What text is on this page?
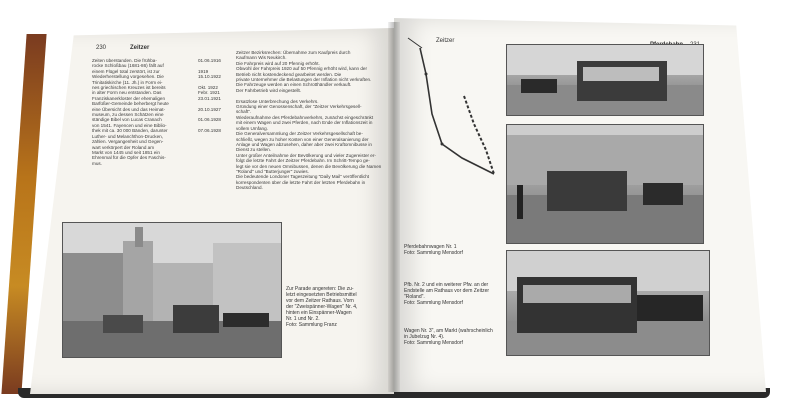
230	Zeitzer
Zeiten überstanden. Die frühba-
rocke Schloßbau (1681-86) fällt auf
einem Flügel total zerstört, ist zur
Wiederherstellung vorgesehen. Die
Trinitatiskirche (11. Jh.) in Form ei-
nes griechischen Kreuzes ist bereits
in alter Form neu entstanden. Das
Franziskanerkloster der ehemaligen
Barfüßer-Gemeinde beherbergt heute
eine Übersicht des und das Heimat-
museum, zu dessen Schätzen eine
ständige Bibel von Lucas Cranach
von 1541. Fayencen und eine Biblio-
thek mit ca. 30 000 Bänden, darunter
Luther- und Melanchthon-Drucken,
zählen. Vergangenheit und Gegen-
wart verkörpert der Roland am
Markt von 1445 und seit 1851 ein
Ehrenmal für die Opfer des Faschis-
mus.
01.06.1916

1919
15.10.1922

Okt. 1922
Febr. 1921
23.01.1921

20.10.1927

01.06.1928

07.06.1928
Zeitzer Bezirksrechen: Übernahme zum Kaufpreis durch
Kaufmann Wis Neukirch.
Die Fahrpreis wird auf 20 Pfennig erhöht.
Obwohl der Fahrpreis 1920 auf 50 Pfennig erhöht wird, kann der
Betrieb nicht kostendeckend gearbeitet werden. Die
private Unternehmer die Belastungen der Inflation nicht verkraften.
Die Fahrzeuge werden an einen Schrotthändler verkauft.
Der Fahrbetrieb wird eingestellt.

Ersatzlose Unterbrechung des Verkehrs.
Gründung einer Genossenschaft, der "Zeitzer Verkehrsgesell-
schaft".
Wiederaufnahme des Pferdebahnverkehrs, zunächst eingeschränkt
mit einem Wagen und zwei Pferden, nach Ende der Inflationszeit in
vollem Umfang.
Die Generalversammlung der Zeitzer Verkehrsgesellschaft be-
schließt, wegen zu hoher Kosten von einer Generalsanierung der
Anlage und Wagen abzusehen, daher aber zwei Kraftomnibusse in
Dienst zu stellen.
Unter großer Anteilnahme der Bevölkerung und vieler Zugereister er-
folgt die letzte Fahrt der Zeitzer Pferdebahn. Im Schritt-Tempo ge-
legt sie vor den neuen Omnibussen, denen die Bevölkerung die Namen
"Roland" und "Butterjunger" zuwies.
Die bedeutende Londoner Tageszeitung "Daily Mail" veröffentlicht
korrespondenten über die letzte Fahrt der letzten Pferdebahn in
Deutschland.
Zur Parade angereten: Die zu-
letzt eingesetzten Betriebsmittel
vor dem Zeitzer Rathaus. Vorn
der "Zweispänner-Wagen" Nr. 4,
hinten ein Einspänner-Wagen
Nr. 1 und Nr. 2.
Foto: Sammlung Franz
Zeitzer
Pferdebahnwagen Nr. 1
Foto: Sammlung Mensdorf
Pfb. Nr. 2 und ein weiterer Pfw. an der
Endstelle am Rathaus vor dem Zeitzer
"Roland".
Foto: Sammlung Mensdorf
Wagen Nr. 3", am Markt (wahrscheinlich
in Jubelzug Nr. 4).
Foto: Sammlung Mensdorf
